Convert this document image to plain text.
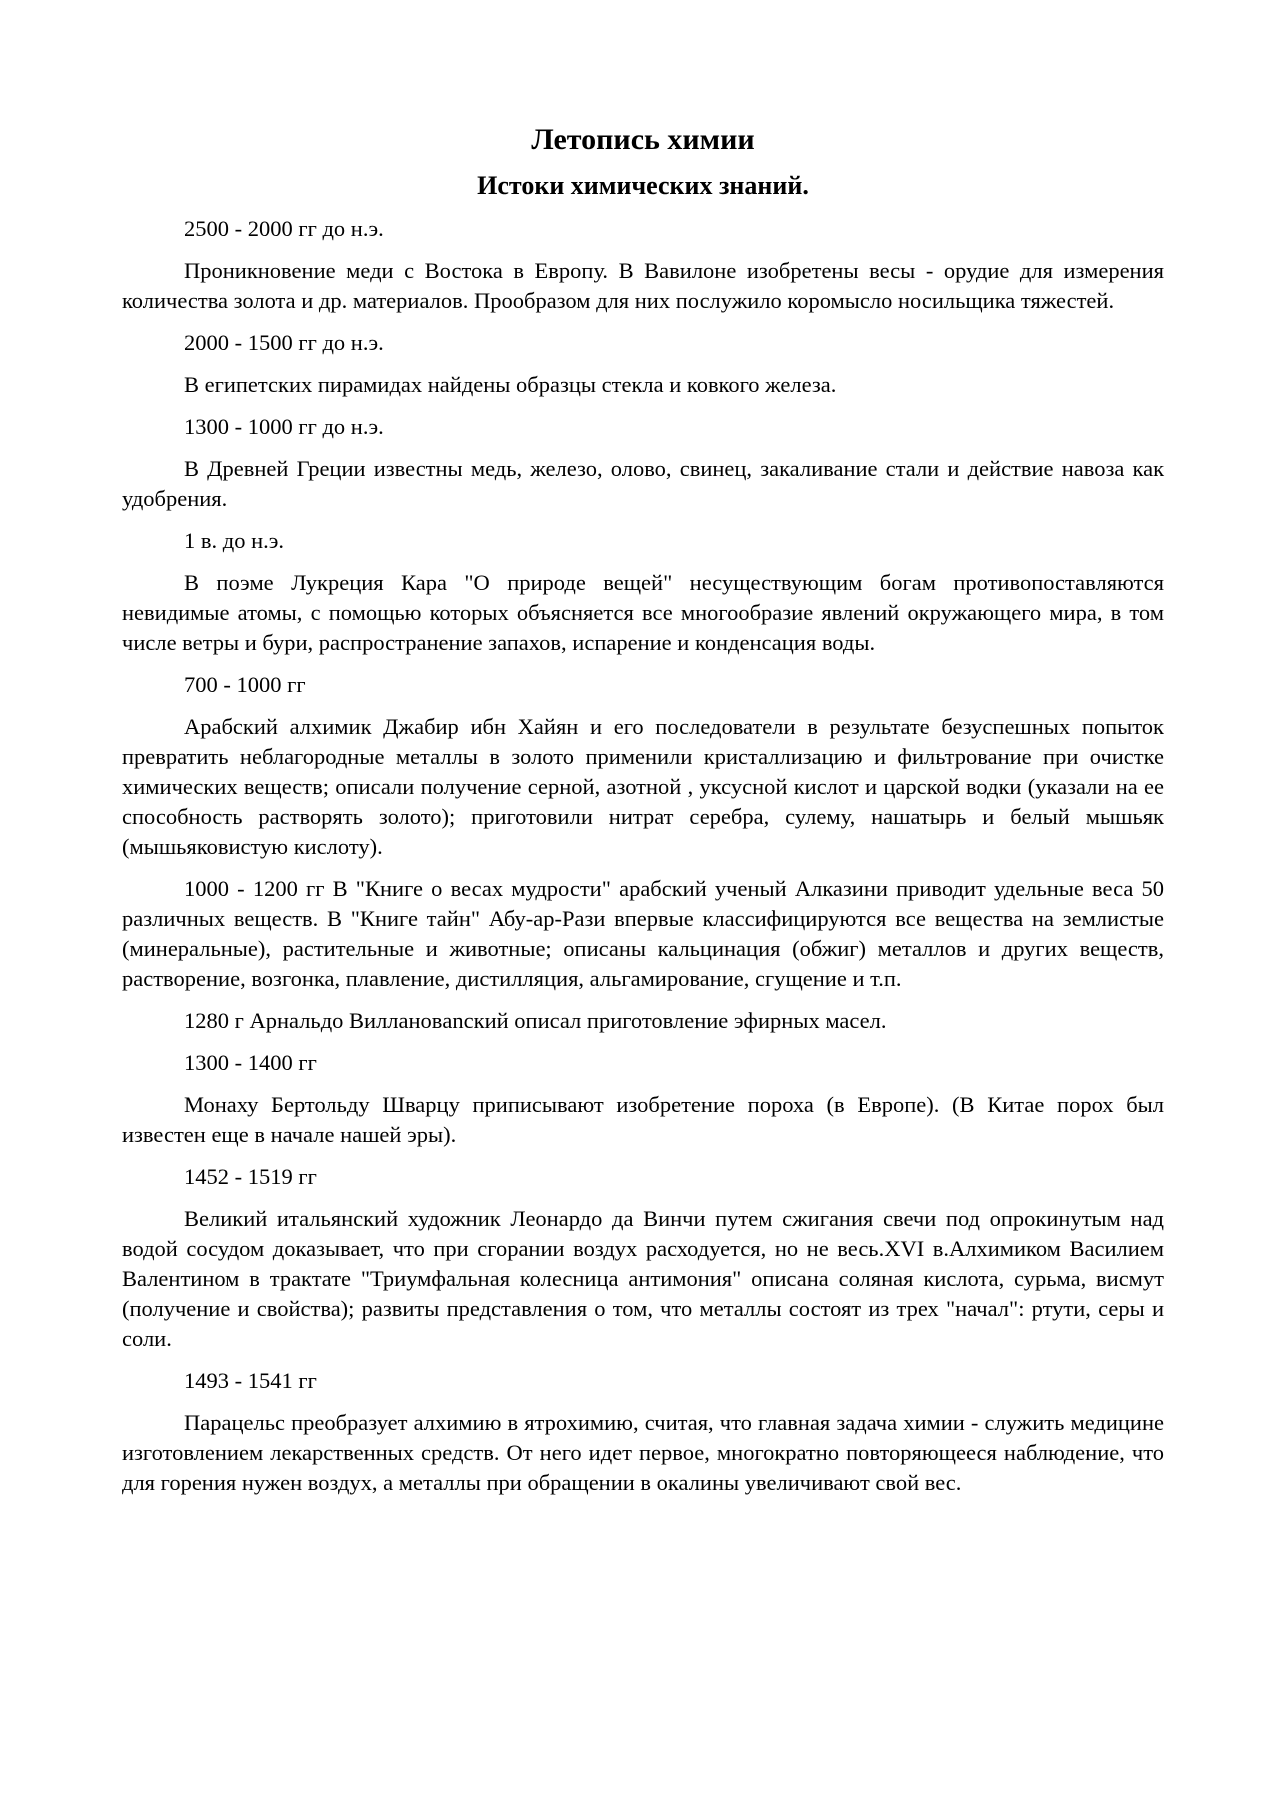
Летопись химии
Истоки химических знаний.

2500 - 2000 гг до н.э.

Проникновение меди с Востока в Европу. В Вавилоне изобретены весы - орудие для измерения количества золота и др. материалов. Прообразом для них послужило коромысло носильщика тяжестей.

2000 - 1500 гг до н.э.

В египетских пирамидах найдены образцы стекла и ковкого железа.

1300 - 1000 гг до н.э.

В Древней Греции известны медь, железо, олово, свинец, закаливание стали и действие навоза как удобрения.

1 в. до н.э.

В поэме Лукреция Кара "О природе вещей" несуществующим богам противопоставляются невидимые атомы, с помощью которых объясняется все многообразие явлений окружающего мира, в том числе ветры и бури, распространение запахов, испарение и конденсация воды.

700 - 1000 гг

Арабский алхимик Джабир ибн Хайян и его последователи в результате безуспешных попыток превратить неблагородные металлы в золото применили кристаллизацию и фильтрование при очистке химических веществ; описали получение серной, азотной , уксусной кислот и царской водки (указали на ее способность растворять золото); приготовили нитрат серебра, сулему, нашатырь и белый мышьяк (мышьяковистую кислоту).

1000 - 1200 гг В "Книге о весах мудрости" арабский ученый Алказини приводит удельные веса 50 различных веществ. В "Книге тайн" Абу-ар-Рази впервые классифицируются все вещества на землистые (минеральные), растительные и животные; описаны кальцинация (обжиг) металлов и других веществ, растворение, возгонка, плавление, дистилляция, альгамирование, сгущение и т.п.

1280 г Арнальдо Виллановanский описал приготовление эфирных масел.

1300 - 1400 гг

Монаху Бертольду Шварцу приписывают изобретение пороха (в Европе). (В Китае порох был известен еще в начале нашей эры).

1452 - 1519 гг

Великий итальянский художник Леонардо да Винчи путем сжигания свечи под опрокинутым над водой сосудом доказывает, что при сгорании воздух расходуется, но не весь.XVI в.Алхимиком Василием Валентином в трактате "Триумфальная колесница антимония" описана соляная кислота, сурьма, висмут (получение и свойства); развиты представления о том, что металлы состоят из трех "начал": ртути, серы и соли.

1493 - 1541 гг

Парацельс преобразует алхимию в ятрохимию, считая, что главная задача химии - служить медицине изготовлением лекарственных средств. От него идет первое, многократно повторяющееся наблюдение, что для горения нужен воздух, а металлы при обращении в окалины увеличивают свой вес.
